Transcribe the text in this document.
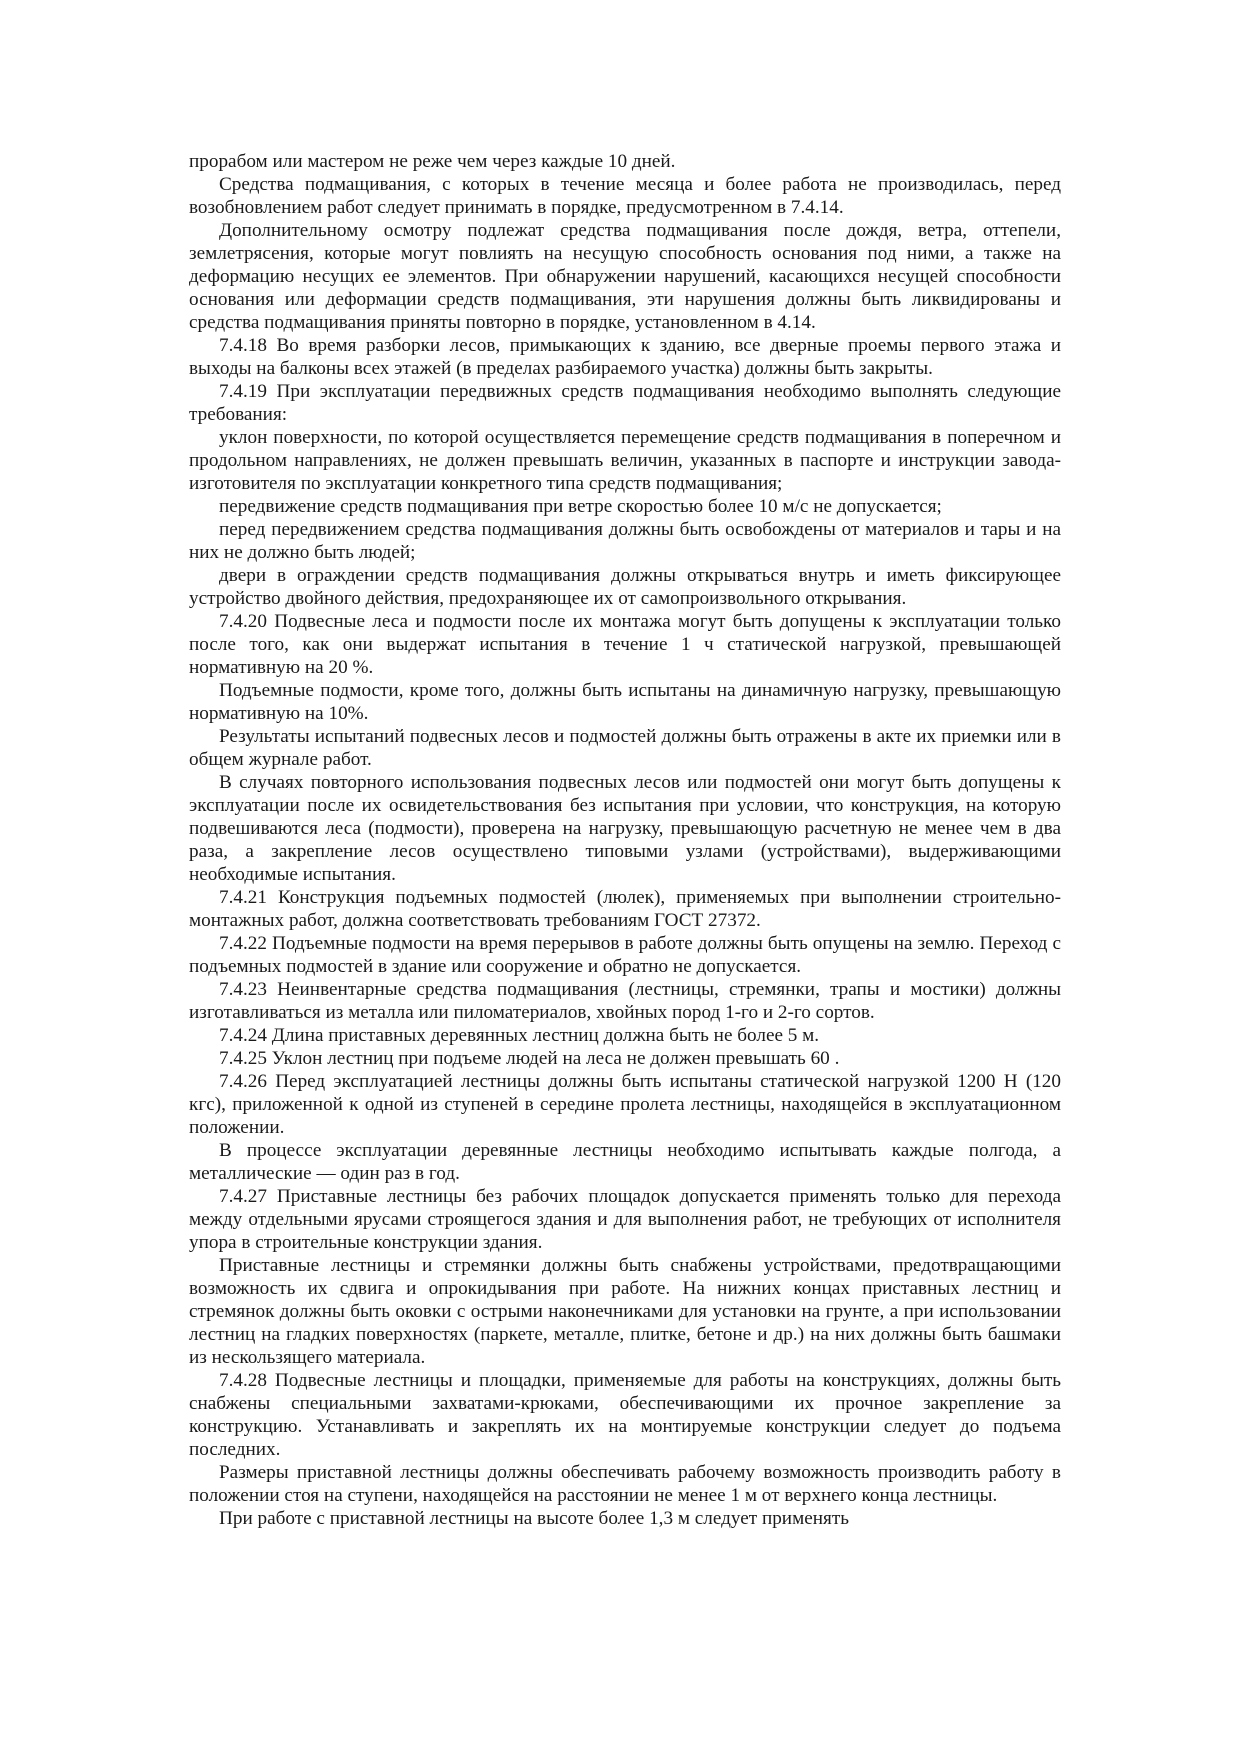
прорабом или мастером не реже чем через каждые 10 дней.

Средства подмащивания, с которых в течение месяца и более работа не производилась, перед возобновлением работ следует принимать в порядке, предусмотренном в 7.4.14.

Дополнительному осмотру подлежат средства подмащивания после дождя, ветра, оттепели, землетрясения, которые могут повлиять на несущую способность основания под ними, а также на деформацию несущих ее элементов. При обнаружении нарушений, касающихся несущей способности основания или деформации средств подмащивания, эти нарушения должны быть ликвидированы и средства подмащивания приняты повторно в порядке, установленном в 4.14.

7.4.18 Во время разборки лесов, примыкающих к зданию, все дверные проемы первого этажа и выходы на балконы всех этажей (в пределах разбираемого участка) должны быть закрыты.

7.4.19 При эксплуатации передвижных средств подмащивания необходимо выполнять следующие требования:

уклон поверхности, по которой осуществляется перемещение средств подмащивания в поперечном и продольном направлениях, не должен превышать величин, указанных в паспорте и инструкции завода-изготовителя по эксплуатации конкретного типа средств подмащивания;

передвижение средств подмащивания при ветре скоростью более 10 м/с не допускается;

перед передвижением средства подмащивания должны быть освобождены от материалов и тары и на них не должно быть людей;

двери в ограждении средств подмащивания должны открываться внутрь и иметь фиксирующее устройство двойного действия, предохраняющее их от самопроизвольного открывания.

7.4.20 Подвесные леса и подмости после их монтажа могут быть допущены к эксплуатации только после того, как они выдержат испытания в течение 1 ч статической нагрузкой, превышающей нормативную на 20 %.

Подъемные подмости, кроме того, должны быть испытаны на динамичную нагрузку, превышающую нормативную на 10%.

Результаты испытаний подвесных лесов и подмостей должны быть отражены в акте их приемки или в общем журнале работ.

В случаях повторного использования подвесных лесов или подмостей они могут быть допущены к эксплуатации после их освидетельствования без испытания при условии, что конструкция, на которую подвешиваются леса (подмости), проверена на нагрузку, превышающую расчетную не менее чем в два раза, а закрепление лесов осуществлено типовыми узлами (устройствами), выдерживающими необходимые испытания.

7.4.21 Конструкция подъемных подмостей (люлек), применяемых при выполнении строительно-монтажных работ, должна соответствовать требованиям ГОСТ 27372.

7.4.22 Подъемные подмости на время перерывов в работе должны быть опущены на землю. Переход с подъемных подмостей в здание или сооружение и обратно не допускается.

7.4.23 Неинвентарные средства подмащивания (лестницы, стремянки, трапы и мостики) должны изготавливаться из металла или пиломатериалов, хвойных пород 1-го и 2-го сортов.

7.4.24 Длина приставных деревянных лестниц должна быть не более 5 м.

7.4.25 Уклон лестниц при подъеме людей на леса не должен превышать 60 .

7.4.26 Перед эксплуатацией лестницы должны быть испытаны статической нагрузкой 1200 Н (120 кгс), приложенной к одной из ступеней в середине пролета лестницы, находящейся в эксплуатационном положении.

В процессе эксплуатации деревянные лестницы необходимо испытывать каждые полгода, а металлические — один раз в год.

7.4.27 Приставные лестницы без рабочих площадок допускается применять только для перехода между отдельными ярусами строящегося здания и для выполнения работ, не требующих от исполнителя упора в строительные конструкции здания.

Приставные лестницы и стремянки должны быть снабжены устройствами, предотвращающими возможность их сдвига и опрокидывания при работе. На нижних концах приставных лестниц и стремянок должны быть оковки с острыми наконечниками для установки на грунте, а при использовании лестниц на гладких поверхностях (паркете, металле, плитке, бетоне и др.) на них должны быть башмаки из нескользящего материала.

7.4.28 Подвесные лестницы и площадки, применяемые для работы на конструкциях, должны быть снабжены специальными захватами-крюками, обеспечивающими их прочное закрепление за конструкцию. Устанавливать и закреплять их на монтируемые конструкции следует до подъема последних.

Размеры приставной лестницы должны обеспечивать рабочему возможность производить работу в положении стоя на ступени, находящейся на расстоянии не менее 1 м от верхнего конца лестницы.

При работе с приставной лестницы на высоте более 1,3 м следует применять
